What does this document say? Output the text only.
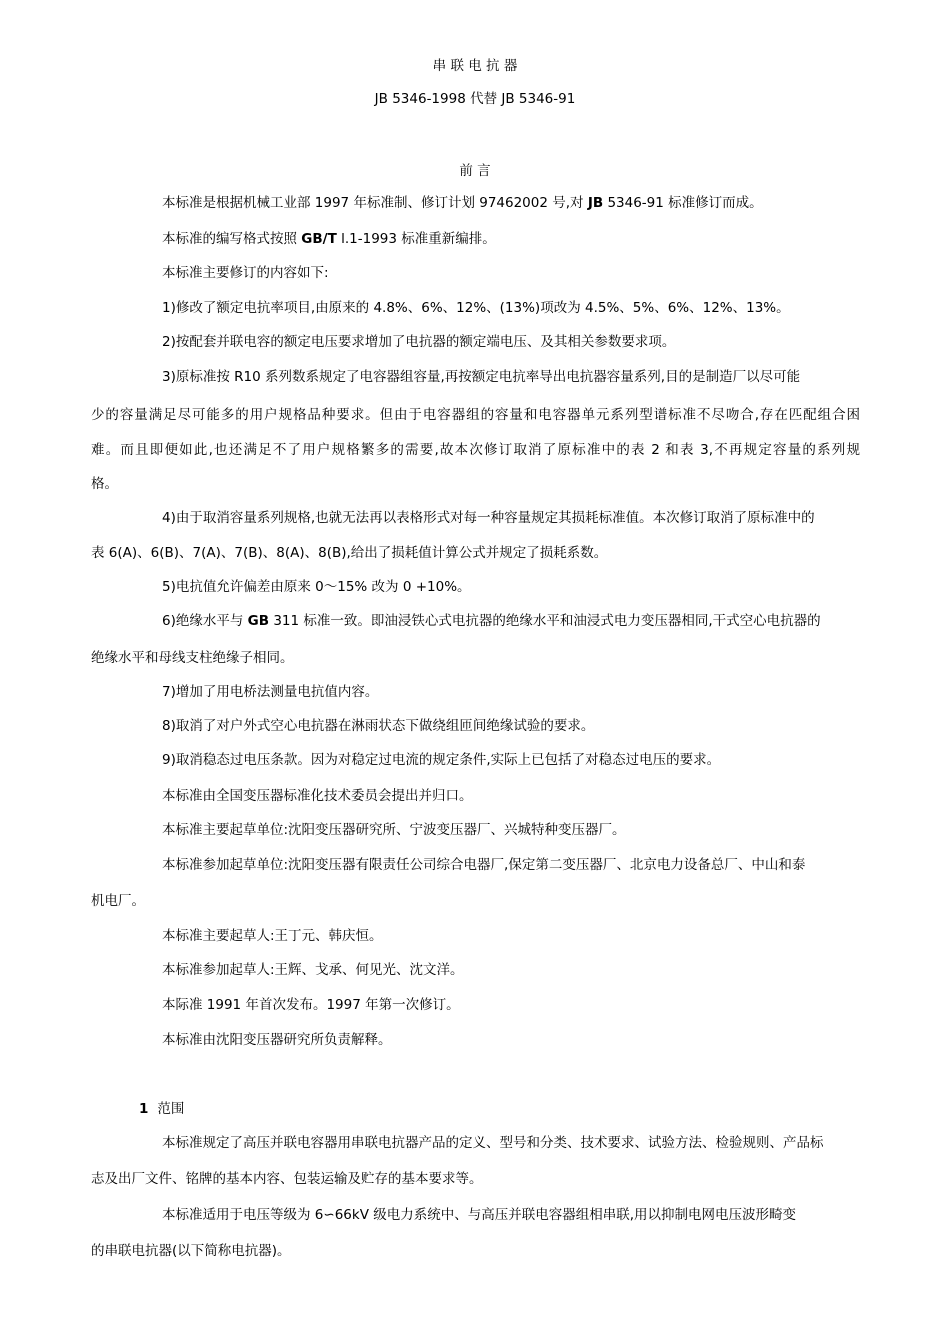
串 联 电 抗 器
JB 5346-1998 代替 JB 5346-91
前 言
本标准是根据机械工业部 1997 年标准制、修订计划 97462002 号,对 JB 5346-91 标准修订而成。
本标准的编写格式按照 GB/T l.1-1993 标准重新编排。
本标准主要修订的内容如下:
1)修改了额定电抗率项目,由原来的 4.8%、6%、12%、(13%)项改为 4.5%、5%、6%、12%、13%。
2)按配套并联电容的额定电压要求增加了电抗器的额定端电压、及其相关参数要求项。
3)原标准按 R10 系列数系规定了电容器组容量,再按额定电抗率导出电抗器容量系列,目的是制造厂以尽可能
少的容量满足尽可能多的用户规格品种要求。但由于电容器组的容量和电容器单元系列型谱标准不尽吻合,存在匹配组合困
难。而且即便如此,也还满足不了用户规格繁多的需要,故本次修订取消了原标准中的表 2 和表 3,不再规定容量的系列规
格。
4)由于取消容量系列规格,也就无法再以表格形式对每一种容量规定其损耗标准值。本次修订取消了原标准中的
表 6(A)、6(B)、7(A)、7(B)、8(A)、8(B),给出了损耗值计算公式并规定了损耗系数。
5)电抗值允许偏差由原来 0～15% 改为 0 +10%。
6)绝缘水平与 GB 311 标准一致。即油浸铁心式电抗器的绝缘水平和油浸式电力变压器相同,干式空心电抗器的
绝缘水平和母线支柱绝缘子相同。
7)增加了用电桥法测量电抗值内容。
8)取消了对户外式空心电抗器在淋雨状态下做绕组匝间绝缘试验的要求。
9)取消稳态过电压条款。因为对稳定过电流的规定条件,实际上已包括了对稳态过电压的要求。
本标准由全国变压器标准化技术委员会提出并归口。
本标准主要起草单位:沈阳变压器研究所、宁波变压器厂、兴城特种变压器厂。
本标准参加起草单位:沈阳变压器有限责任公司综合电器厂,保定第二变压器厂、北京电力设备总厂、中山和泰
机电厂。
本标准主要起草人:王丁元、韩庆恒。
本标准参加起草人:王辉、戈承、何见光、沈文洋。
本际准 1991 年首次发布。1997 年第一次修订。
本标准由沈阳变压器研究所负责解释。
1 范围
本标准规定了高压并联电容器用串联电抗器产品的定义、型号和分类、技术要求、试验方法、检验规则、产品标
志及出厂文件、铭牌的基本内容、包装运输及贮存的基本要求等。
本标准适用于电压等级为 6∽66kV 级电力系统中、与高压并联电容器组相串联,用以抑制电网电压波形畸变
的串联电抗器(以下简称电抗器)。
